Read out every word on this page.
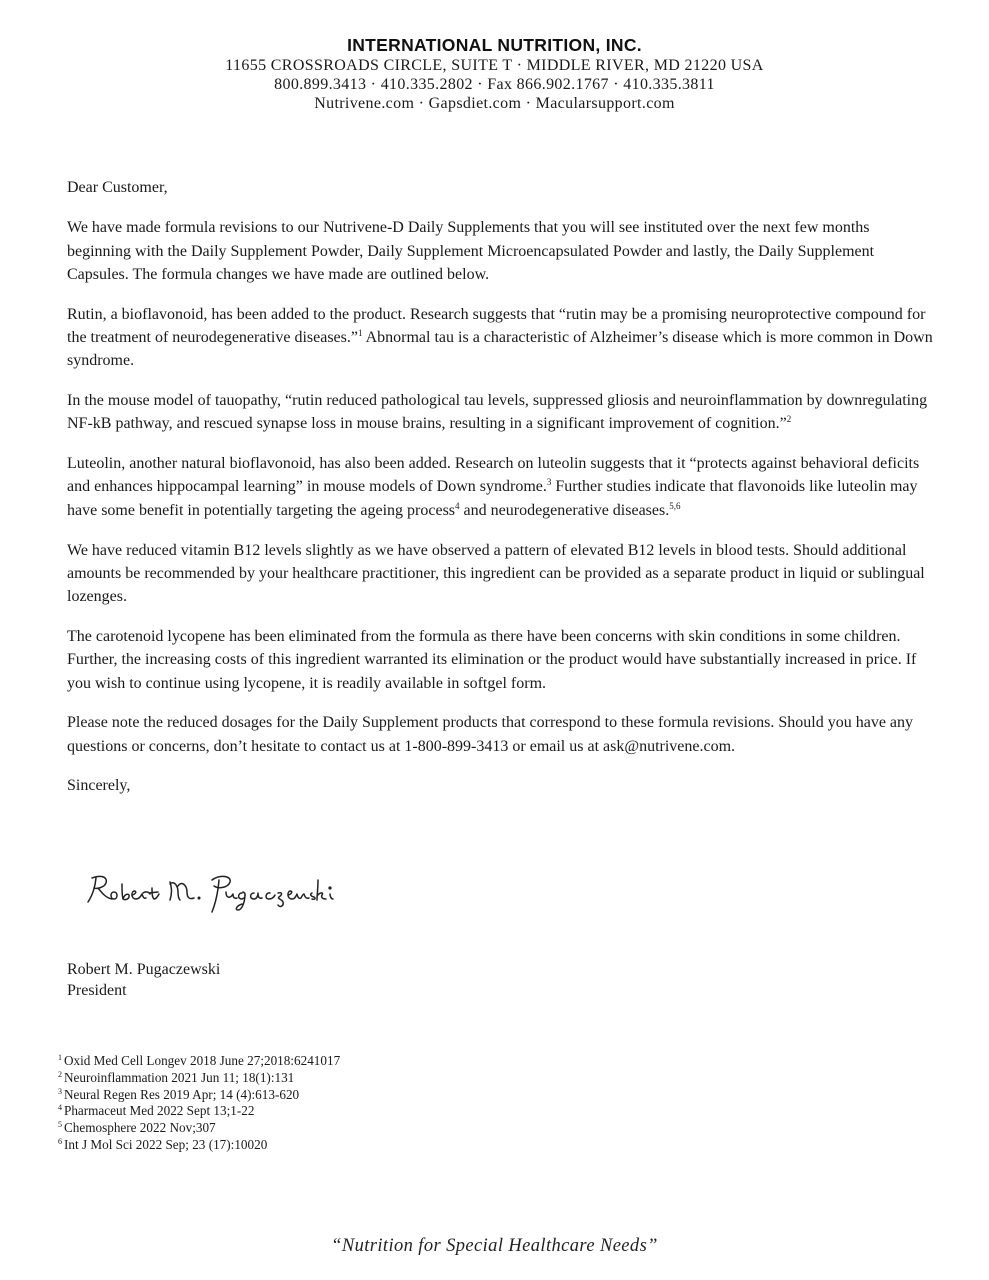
INTERNATIONAL NUTRITION, INC.
11655 CROSSROADS CIRCLE, SUITE T · MIDDLE RIVER, MD 21220 USA
800.899.3413 · 410.335.2802 · Fax 866.902.1767 · 410.335.3811
Nutrivene.com · Gapsdiet.com · Macularsupport.com

Dear Customer,

We have made formula revisions to our Nutrivene-D Daily Supplements that you will see instituted over the next few months beginning with the Daily Supplement Powder, Daily Supplement Microencapsulated Powder and lastly, the Daily Supplement Capsules. The formula changes we have made are outlined below.

Rutin, a bioflavonoid, has been added to the product. Research suggests that “rutin may be a promising neuroprotective compound for the treatment of neurodegenerative diseases.”$^1$ Abnormal tau is a characteristic of Alzheimer’s disease which is more common in Down syndrome.

In the mouse model of tauopathy, “rutin reduced pathological tau levels, suppressed gliosis and neuroinflammation by downregulating NF-kB pathway, and rescued synapse loss in mouse brains, resulting in a significant improvement of cognition.”$^2$

Luteolin, another natural bioflavonoid, has also been added. Research on luteolin suggests that it “protects against behavioral deficits and enhances hippocampal learning” in mouse models of Down syndrome.$^3$ Further studies indicate that flavonoids like luteolin may have some benefit in potentially targeting the ageing process$^4$ and neurodegenerative diseases.$^{5,6}$

We have reduced vitamin B12 levels slightly as we have observed a pattern of elevated B12 levels in blood tests. Should additional amounts be recommended by your healthcare practitioner, this ingredient can be provided as a separate product in liquid or sublingual lozenges.

The carotenoid lycopene has been eliminated from the formula as there have been concerns with skin conditions in some children. Further, the increasing costs of this ingredient warranted its elimination or the product would have substantially increased in price. If you wish to continue using lycopene, it is readily available in softgel form.

Please note the reduced dosages for the Daily Supplement products that correspond to these formula revisions. Should you have any questions or concerns, don’t hesitate to contact us at 1-800-899-3413 or email us at ask@nutrivene.com.

Sincerely,

Robert M. Pugaczewski
Robert M. Pugaczewski
President
$^1$ Oxid Med Cell Longev 2018 June 27;2018:6241017
$^2$ Neuroinflammation 2021 Jun 11; 18(1):131
$^3$ Neural Regen Res 2019 Apr; 14 (4):613-620
$^4$ Pharmaceut Med 2022 Sept 13;1-22
$^5$ Chemosphere 2022 Nov;307
$^6$ Int J Mol Sci 2022 Sep; 23 (17):10020
“Nutrition for Special Healthcare Needs”
